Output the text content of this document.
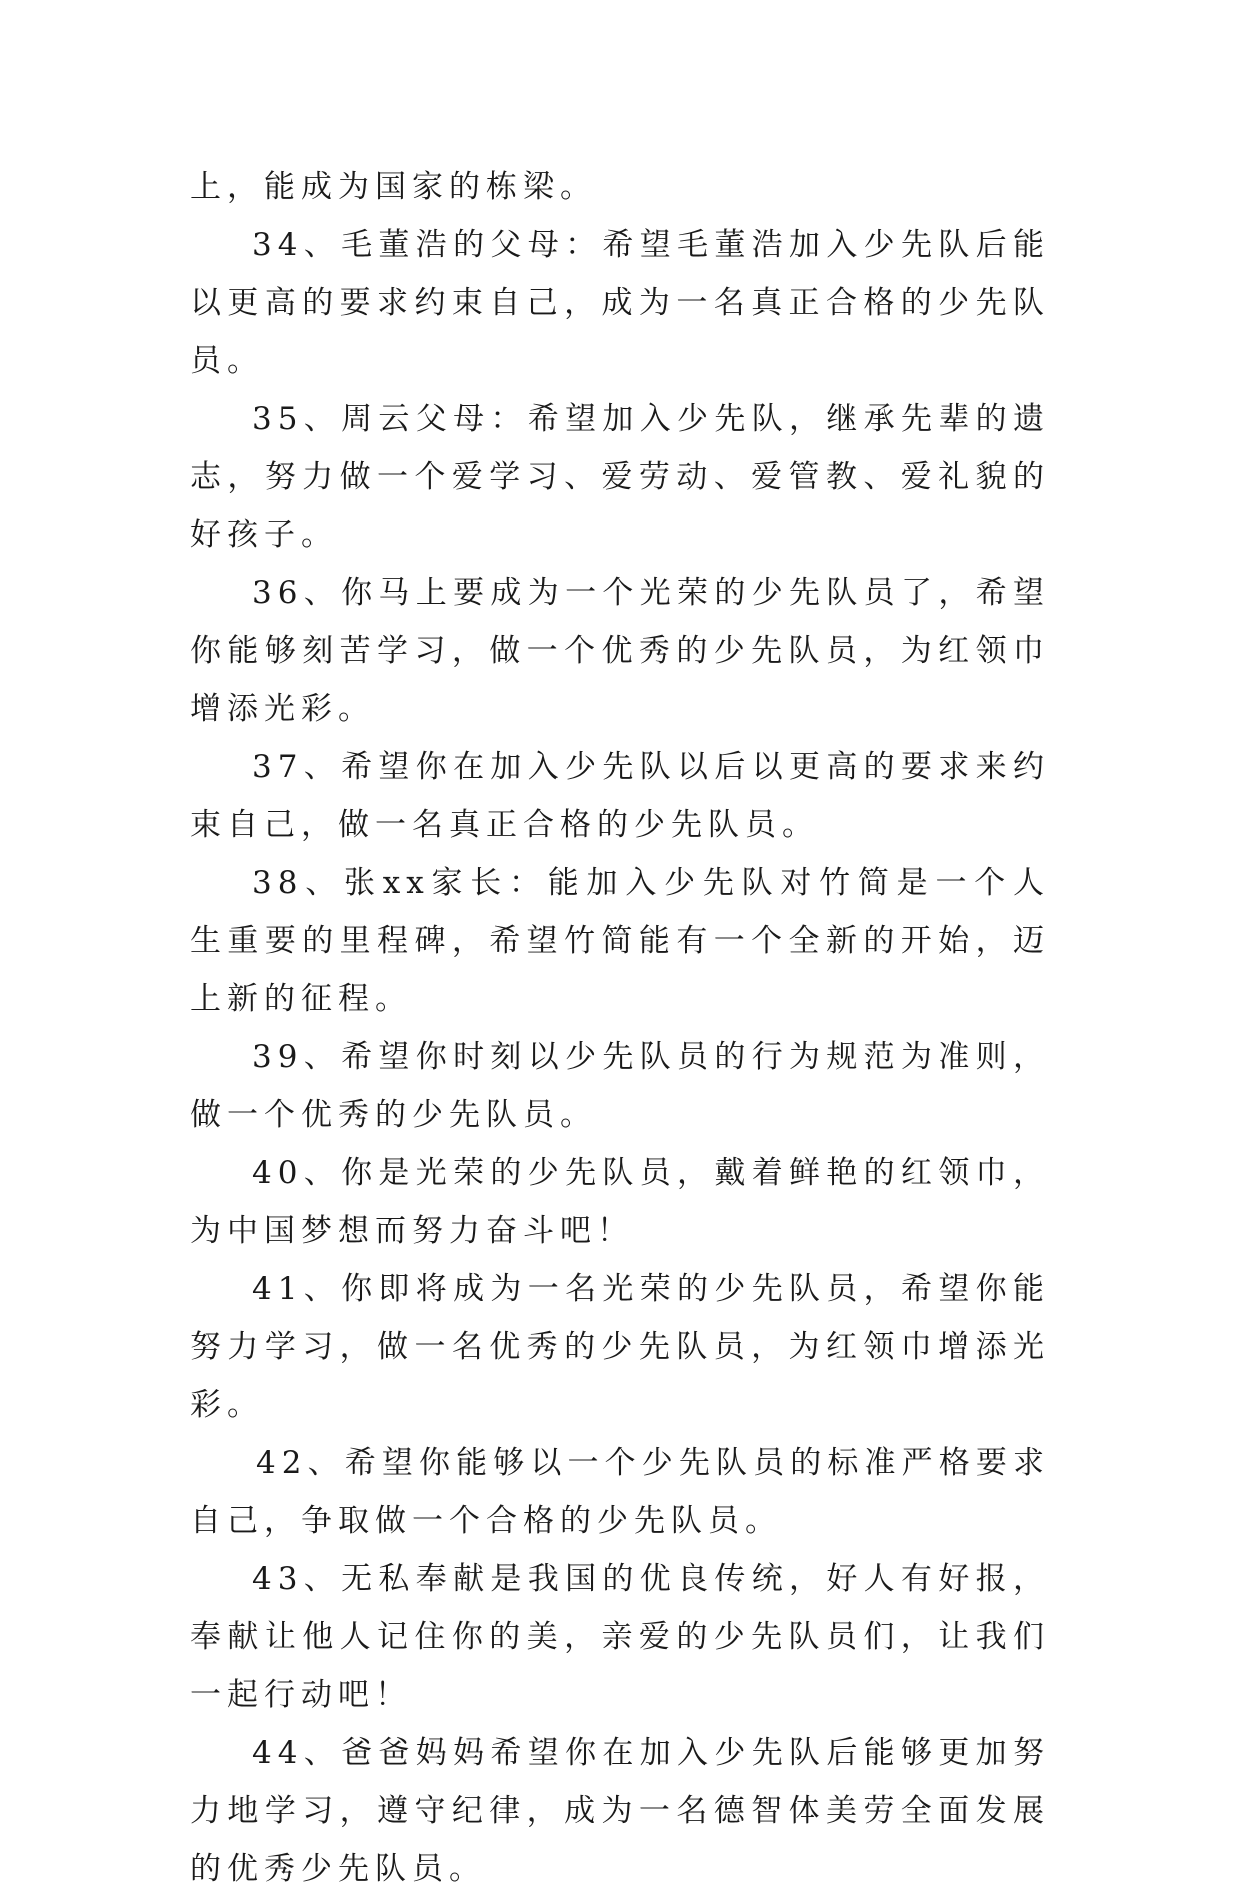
上，能成为国家的栋梁。

34、毛董浩的父母：希望毛董浩加入少先队后能以更高的要求约束自己，成为一名真正合格的少先队员。

35、周云父母：希望加入少先队，继承先辈的遗志，努力做一个爱学习、爱劳动、爱管教、爱礼貌的好孩子。

36、你马上要成为一个光荣的少先队员了，希望你能够刻苦学习，做一个优秀的少先队员，为红领巾增添光彩。

37、希望你在加入少先队以后以更高的要求来约束自己，做一名真正合格的少先队员。

38、张xx家长：能加入少先队对竹简是一个人生重要的里程碑，希望竹简能有一个全新的开始，迈上新的征程。

39、希望你时刻以少先队员的行为规范为准则，做一个优秀的少先队员。

40、你是光荣的少先队员，戴着鲜艳的红领巾，为中国梦想而努力奋斗吧！

41、你即将成为一名光荣的少先队员，希望你能努力学习，做一名优秀的少先队员，为红领巾增添光彩。

42、希望你能够以一个少先队员的标准严格要求自己，争取做一个合格的少先队员。

43、无私奉献是我国的优良传统，好人有好报，奉献让他人记住你的美，亲爱的少先队员们，让我们一起行动吧！

44、爸爸妈妈希望你在加入少先队后能够更加努力地学习，遵守纪律，成为一名德智体美劳全面发展的优秀少先队员。
